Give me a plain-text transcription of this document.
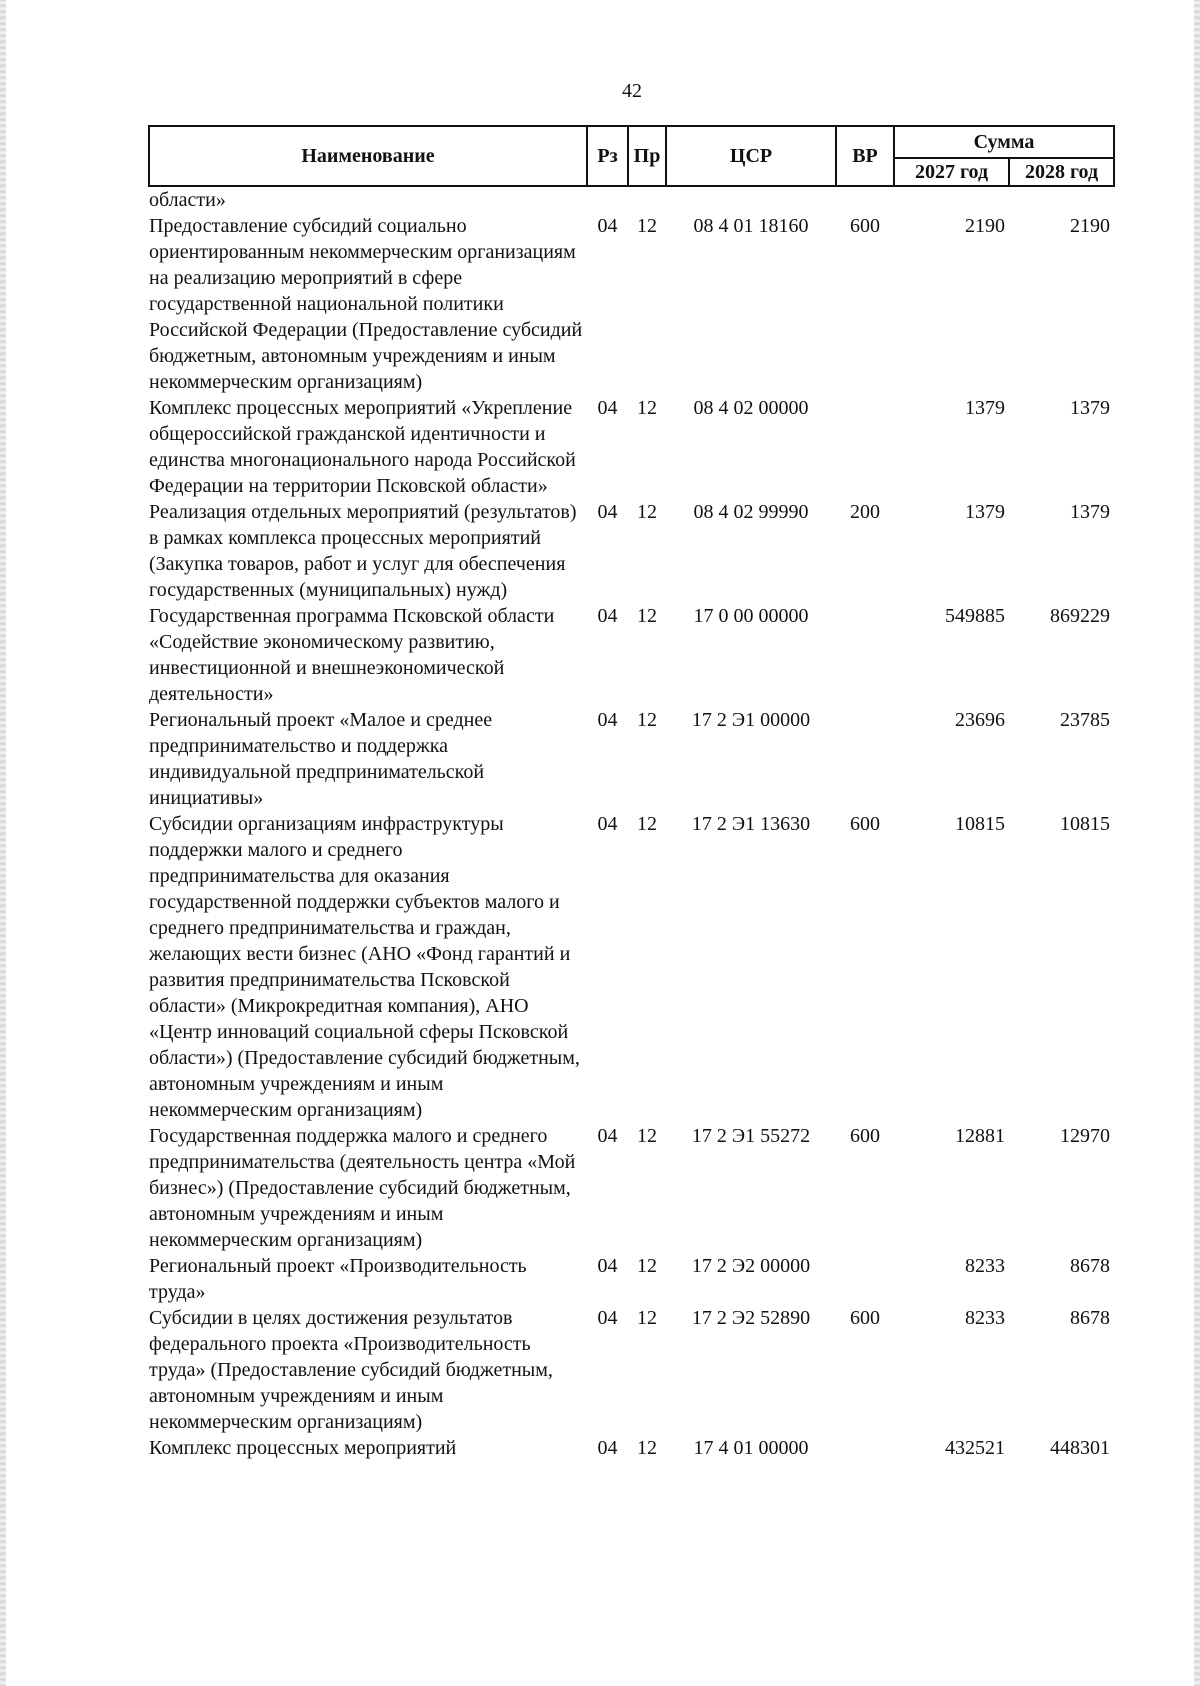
42
Наименование	Рз	Пр	ЦСР	ВР	Сумма	
					2027 год	2028 год
области»						
Предоставление субсидий социально ориентированным некоммерческим организациям на реализацию мероприятий в сфере государственной национальной политики Российской Федерации (Предоставление субсидий бюджетным, автономным учреждениям и иным некоммерческим организациям)	04	12	08 4 01 18160	600	2190	2190
Комплекс процессных мероприятий «Укрепление общероссийской гражданской идентичности и единства многонационального народа Российской Федерации на территории Псковской области»	04	12	08 4 02 00000		1379	1379
Реализация отдельных мероприятий (результатов) в рамках комплекса процессных мероприятий (Закупка товаров, работ и услуг для обеспечения государственных (муниципальных) нужд)	04	12	08 4 02 99990	200	1379	1379
Государственная программа Псковской области «Содействие экономическому развитию, инвестиционной и внешнеэкономической деятельности»	04	12	17 0 00 00000		549885	869229
Региональный проект «Малое и среднее предпринимательство и поддержка индивидуальной предпринимательской инициативы»	04	12	17 2 Э1 00000		23696	23785
Субсидии организациям инфраструктуры поддержки малого и среднего предпринимательства для оказания государственной поддержки субъектов малого и среднего предпринимательства и граждан, желающих вести бизнес (АНО «Фонд гарантий и развития предпринимательства Псковской области» (Микрокредитная компания), АНО «Центр инноваций социальной сферы Псковской области») (Предоставление субсидий бюджетным, автономным учреждениям и иным некоммерческим организациям)	04	12	17 2 Э1 13630	600	10815	10815
Государственная поддержка малого и среднего предпринимательства (деятельность центра «Мой бизнес») (Предоставление субсидий бюджетным, автономным учреждениям и иным некоммерческим организациям)	04	12	17 2 Э1 55272	600	12881	12970
Региональный проект «Производительность труда»	04	12	17 2 Э2 00000		8233	8678
Субсидии в целях достижения результатов федерального проекта «Производительность труда» (Предоставление субсидий бюджетным, автономным учреждениям и иным некоммерческим организациям)	04	12	17 2 Э2 52890	600	8233	8678
Комплекс процессных мероприятий	04	12	17 4 01 00000		432521	448301
